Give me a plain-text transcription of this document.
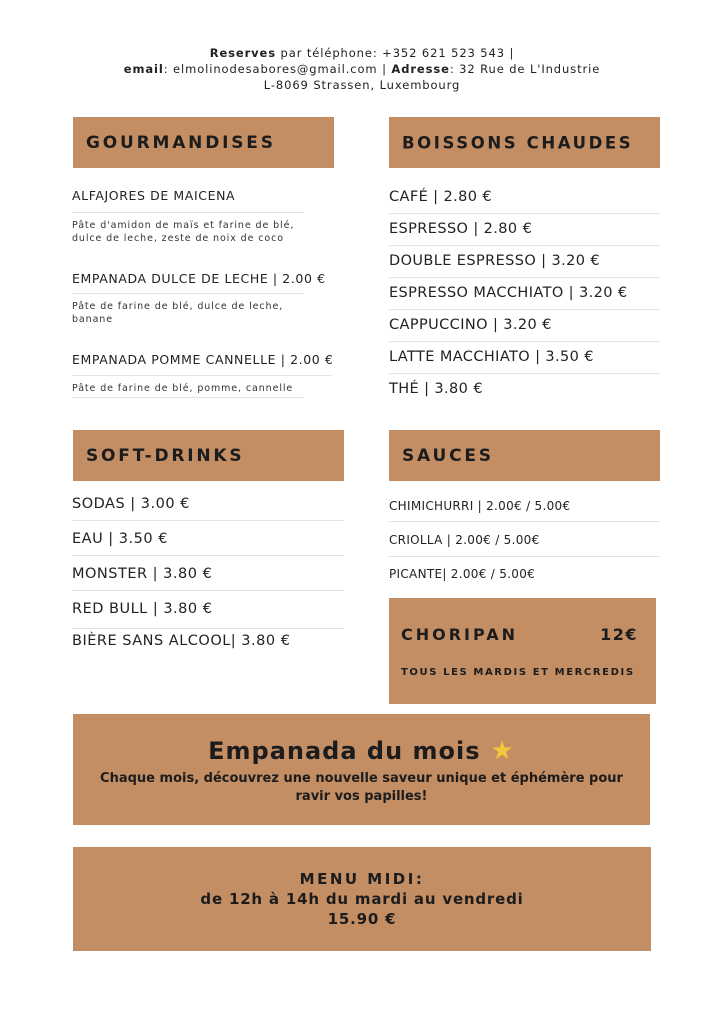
Reserves par téléphone: +352 621 523 543 |
email: elmolinodesabores@gmail.com | Adresse: 32 Rue de L'Industrie
L-8069 Strassen, Luxembourg
GOURMANDISES
ALFAJORES DE MAICENA
Pâte d'amidon de maïs et farine de blé,
dulce de leche, zeste de noix de coco
EMPANADA DULCE DE LECHE | 2.00 €
Pâte de farine de blé, dulce de leche,
banane
EMPANADA POMME CANNELLE | 2.00 €
Pâte de farine de blé, pomme, cannelle
BOISSONS CHAUDES
CAFÉ | 2.80 €
ESPRESSO | 2.80 €
DOUBLE ESPRESSO | 3.20 €
ESPRESSO MACCHIATO | 3.20 €
CAPPUCCINO | 3.20 €
LATTE MACCHIATO | 3.50 €
THÉ | 3.80 €
SOFT-DRINKS
SODAS | 3.00 €
EAU | 3.50 €
MONSTER | 3.80 €
RED BULL | 3.80 €
BIÈRE SANS ALCOOL| 3.80 €
SAUCES
CHIMICHURRI | 2.00€ / 5.00€
CRIOLLA | 2.00€ / 5.00€
PICANTE| 2.00€ / 5.00€
CHORIPAN	12€
TOUS LES MARDIS ET MERCREDIS
Empanada du mois ★
Chaque mois, découvrez une nouvelle saveur unique et éphémère pour ravir vos papilles!
MENU MIDI:
de 12h à 14h du mardi au vendredi
15.90 €
